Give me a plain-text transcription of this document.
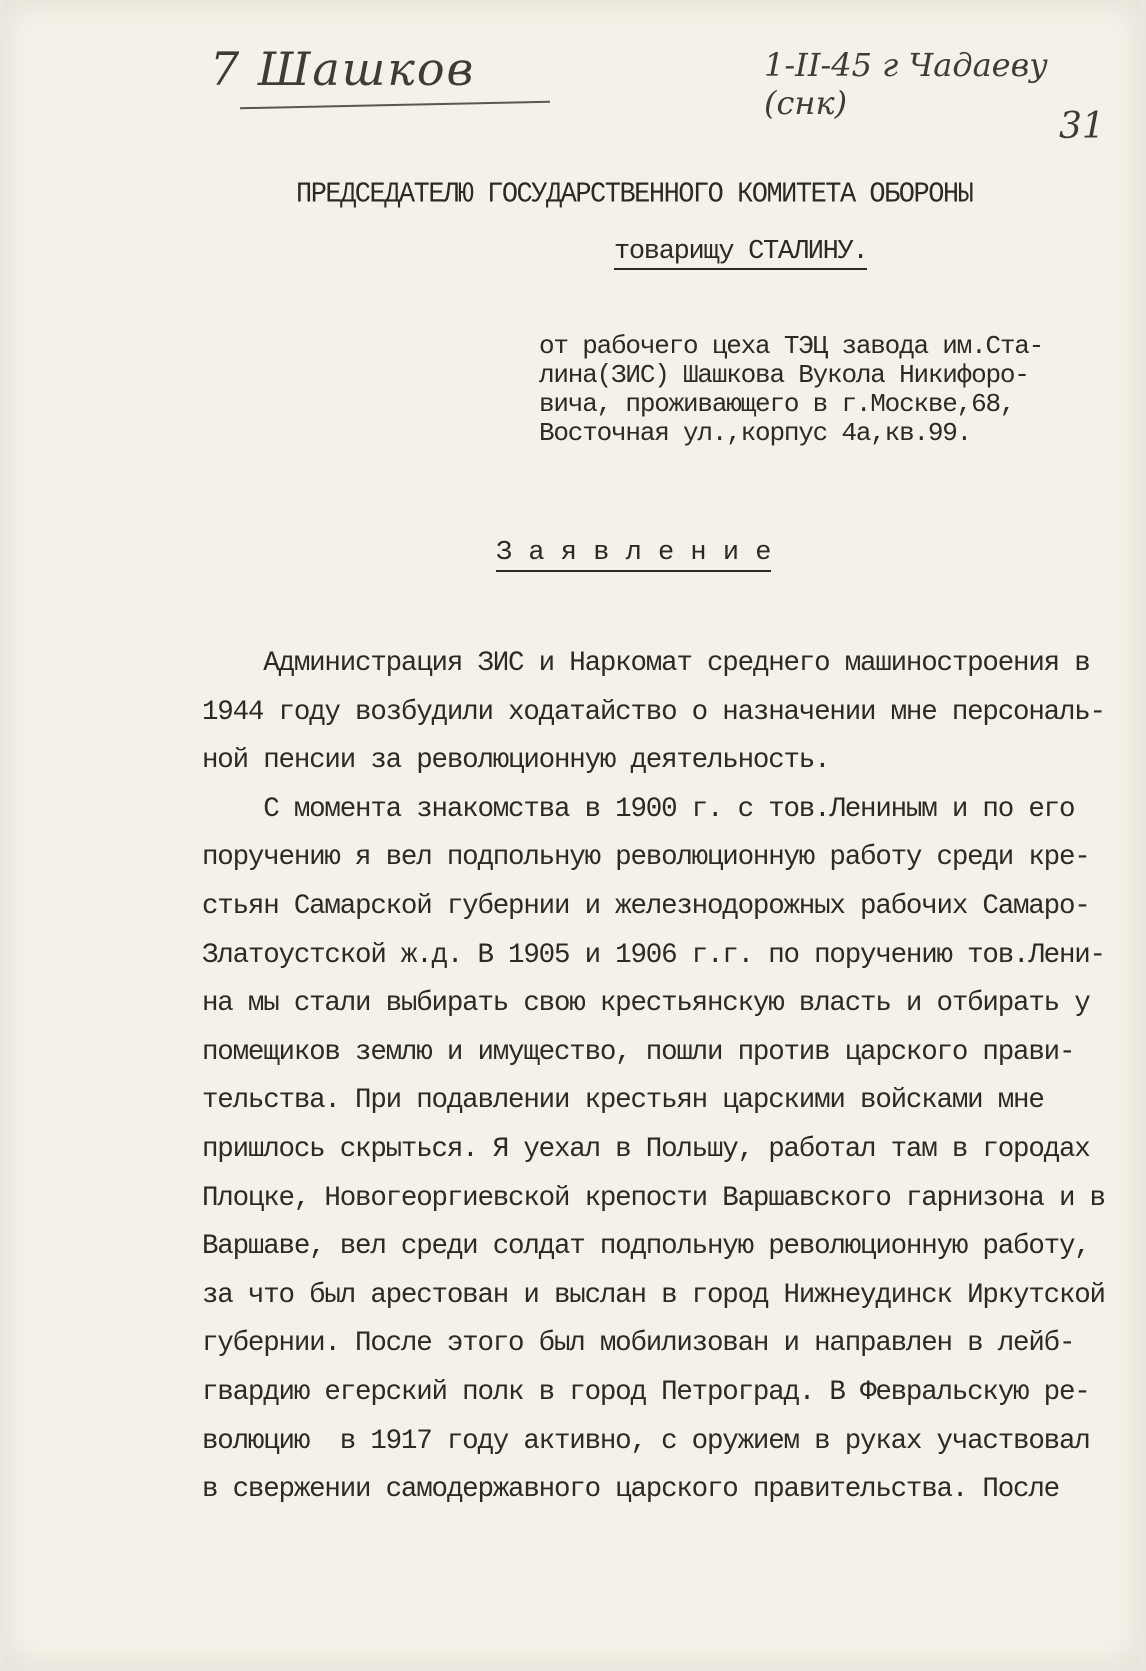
7 Шашков	1-II-45 г Чадаеву (снк)
31
ПРЕДСЕДАТЕЛЮ ГОСУДАРСТВЕННОГО КОМИТЕТА ОБОРОНЫ
товарищу СТАЛИНУ.
от рабочего цеха ТЭЦ завода им.Ста-
лина(ЗИС) Шашкова Вукола Никифоро-
вича, проживающего в г.Москве,68,
Восточная ул.,корпус 4а,кв.99.
З а я в л е н и е
Администрация ЗИС и Наркомат среднего машиностроения в
1944 году возбудили ходатайство о назначении мне персональ-
ной пенсии за революционную деятельность.
С момента знакомства в 1900 г. с тов.Лениным и по его
поручению я вел подпольную революционную работу среди кре-
стьян Самарской губернии и железнодорожных рабочих Самаро-
Златоустской ж.д. В 1905 и 1906 г.г. по поручению тов.Лени-
на мы стали выбирать свою крестьянскую власть и отбирать у
помещиков землю и имущество, пошли против царского прави-
тельства. При подавлении крестьян царскими войсками мне
пришлось скрыться. Я уехал в Польшу, работал там в городах
Плоцке, Новогеоргиевской крепости Варшавского гарнизона и в
Варшаве, вел среди солдат подпольную революционную работу,
за что был арестован и выслан в город Нижнеудинск Иркутской
губернии. После этого был мобилизован и направлен в лейб-
гвардию егерский полк в город Петроград. В Февральскую ре-
волюцию  в 1917 году активно, с оружием в руках участвовал
в свержении самодержавного царского правительства. После
